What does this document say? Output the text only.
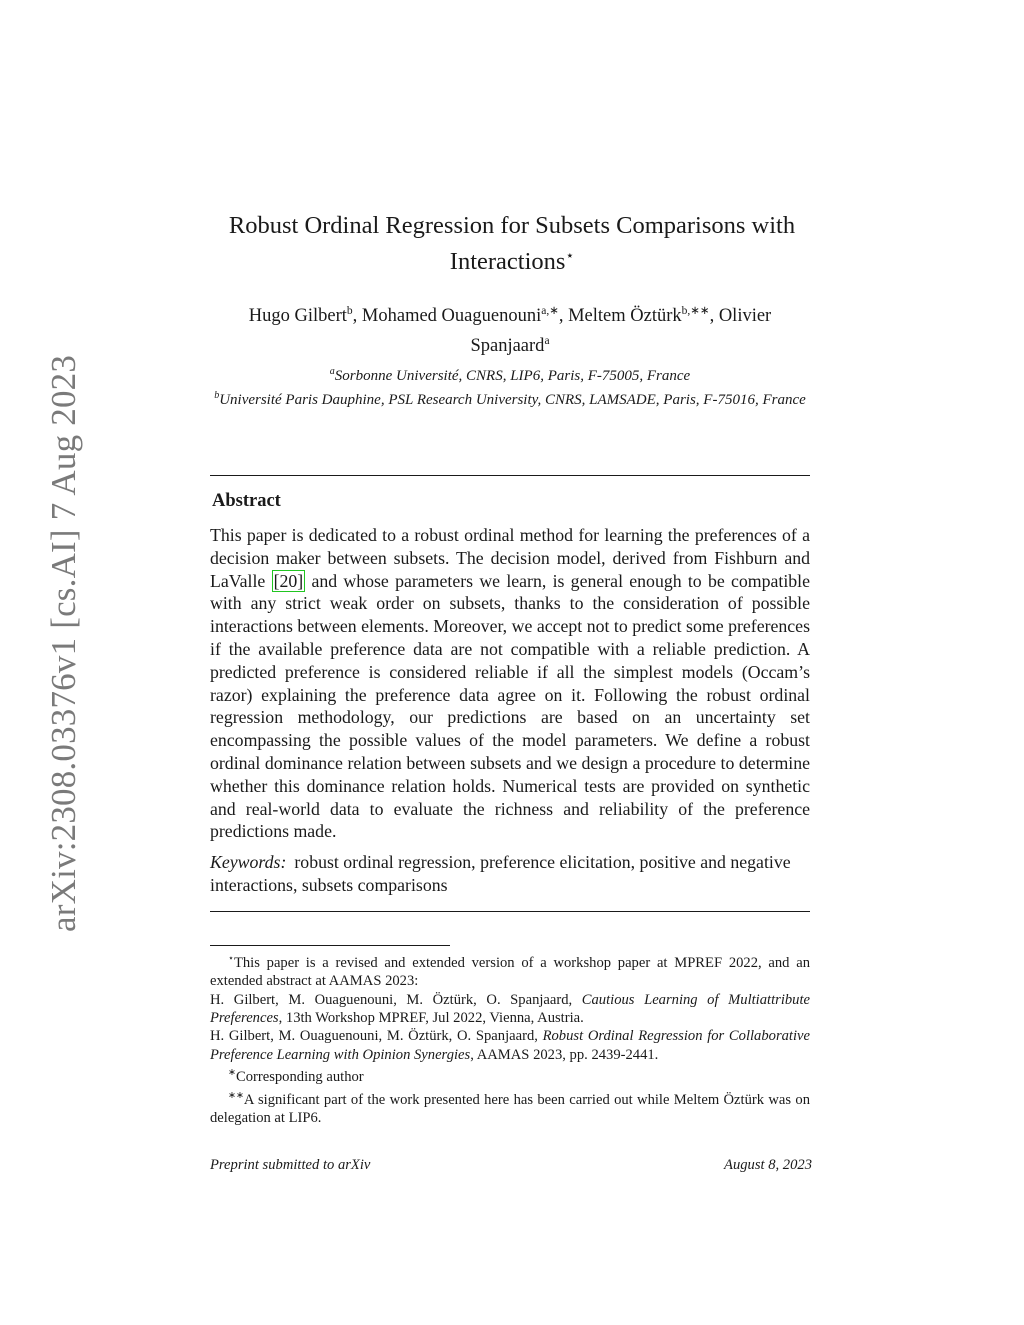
arXiv:2308.03376v1 [cs.AI] 7 Aug 2023
Robust Ordinal Regression for Subsets Comparisons with
Interactions⋆
Hugo Gilbert$^b$, Mohamed Ouaguenouni$^{a,∗}$, Meltem Öztürk$^{b,∗∗}$, Olivier Spanjaard$^a$
$^a$Sorbonne Université, CNRS, LIP6, Paris, F-75005, France
$^b$Université Paris Dauphine, PSL Research University, CNRS, LAMSADE, Paris, F-75016, France
Abstract
This paper is dedicated to a robust ordinal method for learning the preferences of a decision maker between subsets. The decision model, derived from Fishburn and LaValle [20] and whose parameters we learn, is general enough to be compatible with any strict weak order on subsets, thanks to the consideration of possible interactions between elements. Moreover, we accept not to predict some preferences if the available preference data are not compatible with a reliable prediction. A predicted preference is considered reliable if all the simplest models (Occam’s razor) explaining the preference data agree on it. Following the robust ordinal regression methodology, our predictions are based on an uncertainty set encompassing the possible values of the model parameters. We define a robust ordinal dominance relation between subsets and we design a procedure to determine whether this dominance relation holds. Numerical tests are provided on synthetic and real-world data to evaluate the richness and reliability of the preference predictions made.
Keywords: robust ordinal regression, preference elicitation, positive and negative interactions, subsets comparisons

⋆This paper is a revised and extended version of a workshop paper at MPREF 2022, and an extended abstract at AAMAS 2023:

H. Gilbert, M. Ouaguenouni, M. Öztürk, O. Spanjaard, Cautious Learning of Multiattribute Preferences, 13th Workshop MPREF, Jul 2022, Vienna, Austria.

H. Gilbert, M. Ouaguenouni, M. Öztürk, O. Spanjaard, Robust Ordinal Regression for Collaborative Preference Learning with Opinion Synergies, AAMAS 2023, pp. 2439-2441.

∗Corresponding author

∗∗A significant part of the work presented here has been carried out while Meltem Öztürk was on delegation at LIP6.

Preprint submitted to arXiv	August 8, 2023
